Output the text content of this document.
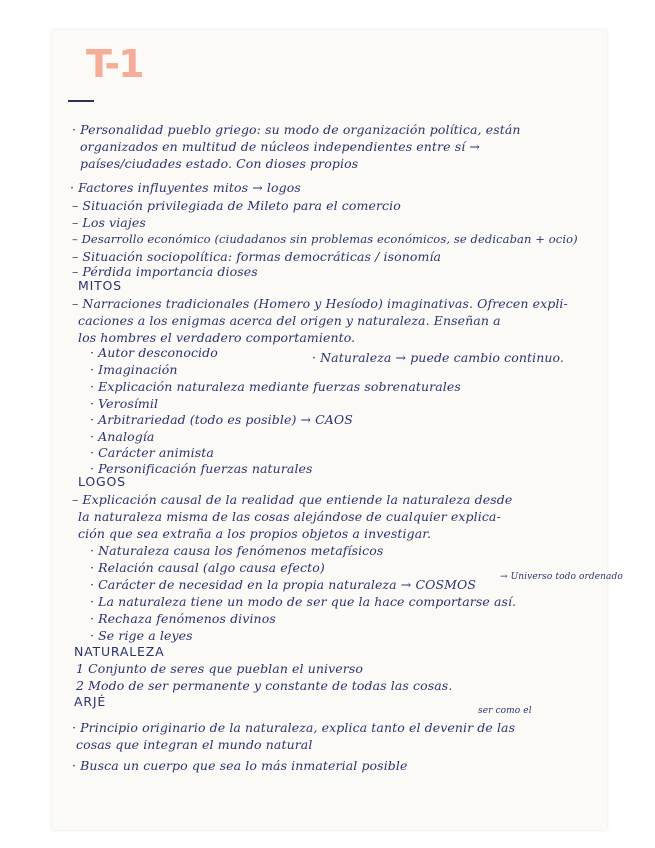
T-1
· Personalidad pueblo griego: su modo de organización política, están
organizados en multitud de núcleos independientes entre sí →
países/ciudades estado. Con dioses propios
· Factores influyentes mitos → logos
– Situación privilegiada de Mileto para el comercio
– Los viajes
– Desarrollo económico (ciudadanos sin problemas económicos, se dedicaban + ocio)
– Situación sociopolítica: formas democráticas / isonomía
– Pérdida importancia dioses
MITOS
– Narraciones tradicionales (Homero y Hesíodo) imaginativas. Ofrecen expli-
caciones a los enigmas acerca del origen y naturaleza. Enseñan a
los hombres el verdadero comportamiento.
· Autor desconocido	· Naturaleza → puede cambio continuo.
· Imaginación
· Explicación naturaleza mediante fuerzas sobrenaturales
· Verosímil
· Arbitrariedad (todo es posible) → CAOS
· Analogía
· Carácter animista
· Personificación fuerzas naturales
LOGOS
– Explicación causal de la realidad que entiende la naturaleza desde
la naturaleza misma de las cosas alejándose de cualquier explica-
ción que sea extraña a los propios objetos a investigar.
· Naturaleza causa los fenómenos metafísicos
· Relación causal (algo causa efecto)
· Carácter de necesidad en la propia naturaleza → COSMOS	→ Universo todo ordenado
· La naturaleza tiene un modo de ser que la hace comportarse así.
· Rechaza fenómenos divinos
· Se rige a leyes
NATURALEZA
1 Conjunto de seres que pueblan el universo
2 Modo de ser permanente y constante de todas las cosas.
ARJÉ
ser como el
· Principio originario de la naturaleza, explica tanto el devenir de las
cosas que integran el mundo natural
· Busca un cuerpo que sea lo más inmaterial posible
